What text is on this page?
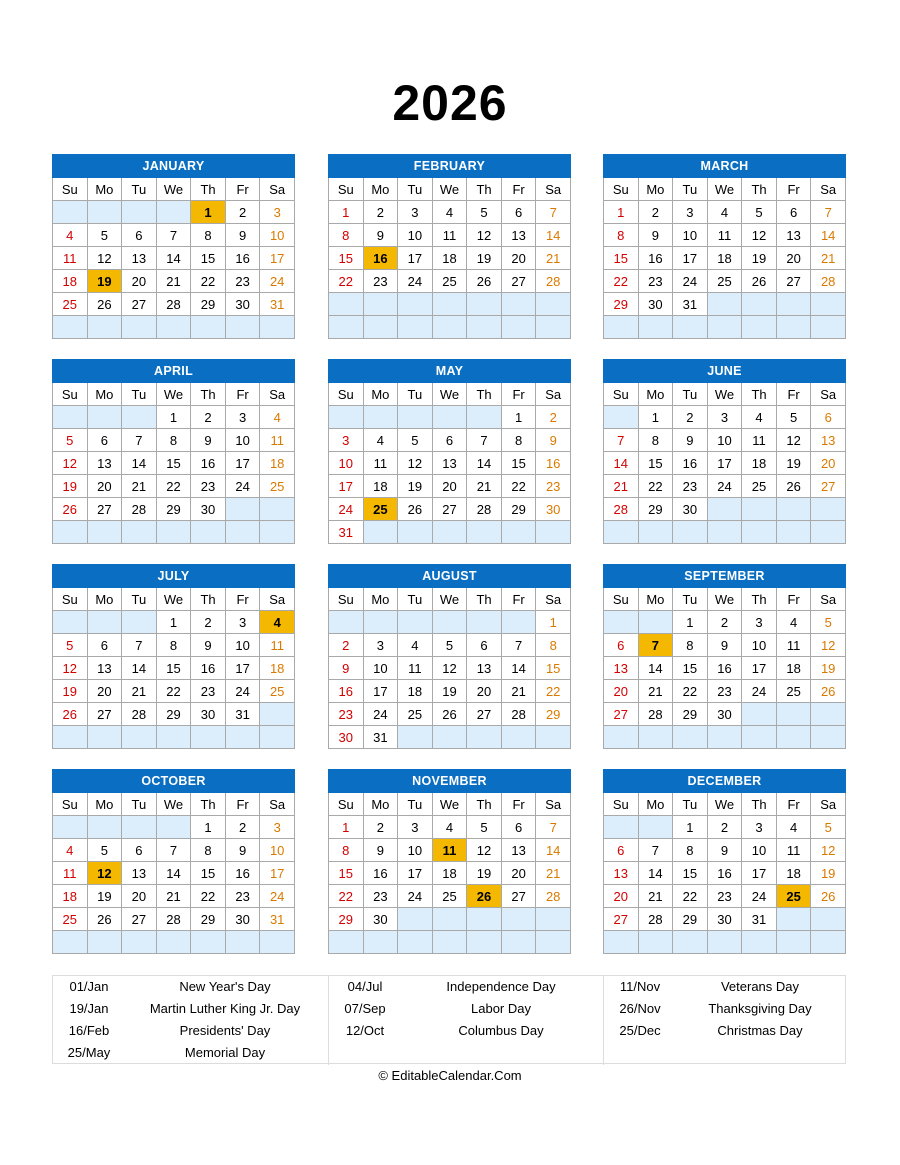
2026
JANUARY						
Su	Mo	Tu	We	Th	Fr	Sa
				1	2	3
4	5	6	7	8	9	10
11	12	13	14	15	16	17
18	19	20	21	22	23	24
25	26	27	28	29	30	31

FEBRUARY						
Su	Mo	Tu	We	Th	Fr	Sa
1	2	3	4	5	6	7
8	9	10	11	12	13	14
15	16	17	18	19	20	21
22	23	24	25	26	27	28

MARCH						
Su	Mo	Tu	We	Th	Fr	Sa
1	2	3	4	5	6	7
8	9	10	11	12	13	14
15	16	17	18	19	20	21
22	23	24	25	26	27	28
29	30	31				

APRIL						
Su	Mo	Tu	We	Th	Fr	Sa
			1	2	3	4
5	6	7	8	9	10	11
12	13	14	15	16	17	18
19	20	21	22	23	24	25
26	27	28	29	30		

MAY						
Su	Mo	Tu	We	Th	Fr	Sa
					1	2
3	4	5	6	7	8	9
10	11	12	13	14	15	16
17	18	19	20	21	22	23
24	25	26	27	28	29	30
31						
JUNE						
Su	Mo	Tu	We	Th	Fr	Sa
	1	2	3	4	5	6
7	8	9	10	11	12	13
14	15	16	17	18	19	20
21	22	23	24	25	26	27
28	29	30				

JULY						
Su	Mo	Tu	We	Th	Fr	Sa
			1	2	3	4
5	6	7	8	9	10	11
12	13	14	15	16	17	18
19	20	21	22	23	24	25
26	27	28	29	30	31	

AUGUST						
Su	Mo	Tu	We	Th	Fr	Sa
						1
2	3	4	5	6	7	8
9	10	11	12	13	14	15
16	17	18	19	20	21	22
23	24	25	26	27	28	29
30	31					
SEPTEMBER						
Su	Mo	Tu	We	Th	Fr	Sa
		1	2	3	4	5
6	7	8	9	10	11	12
13	14	15	16	17	18	19
20	21	22	23	24	25	26
27	28	29	30			

OCTOBER						
Su	Mo	Tu	We	Th	Fr	Sa
				1	2	3
4	5	6	7	8	9	10
11	12	13	14	15	16	17
18	19	20	21	22	23	24
25	26	27	28	29	30	31

NOVEMBER						
Su	Mo	Tu	We	Th	Fr	Sa
1	2	3	4	5	6	7
8	9	10	11	12	13	14
15	16	17	18	19	20	21
22	23	24	25	26	27	28
29	30					

DECEMBER						
Su	Mo	Tu	We	Th	Fr	Sa
		1	2	3	4	5
6	7	8	9	10	11	12
13	14	15	16	17	18	19
20	21	22	23	24	25	26
27	28	29	30	31		

01/Jan	New Year's Day
19/Jan	Martin Luther King Jr. Day
16/Feb	Presidents' Day
25/May	Memorial Day
04/Jul	Independence Day
07/Sep	Labor Day
12/Oct	Columbus Day
11/Nov	Veterans Day
26/Nov	Thanksgiving Day
25/Dec	Christmas Day
© EditableCalendar.Com
